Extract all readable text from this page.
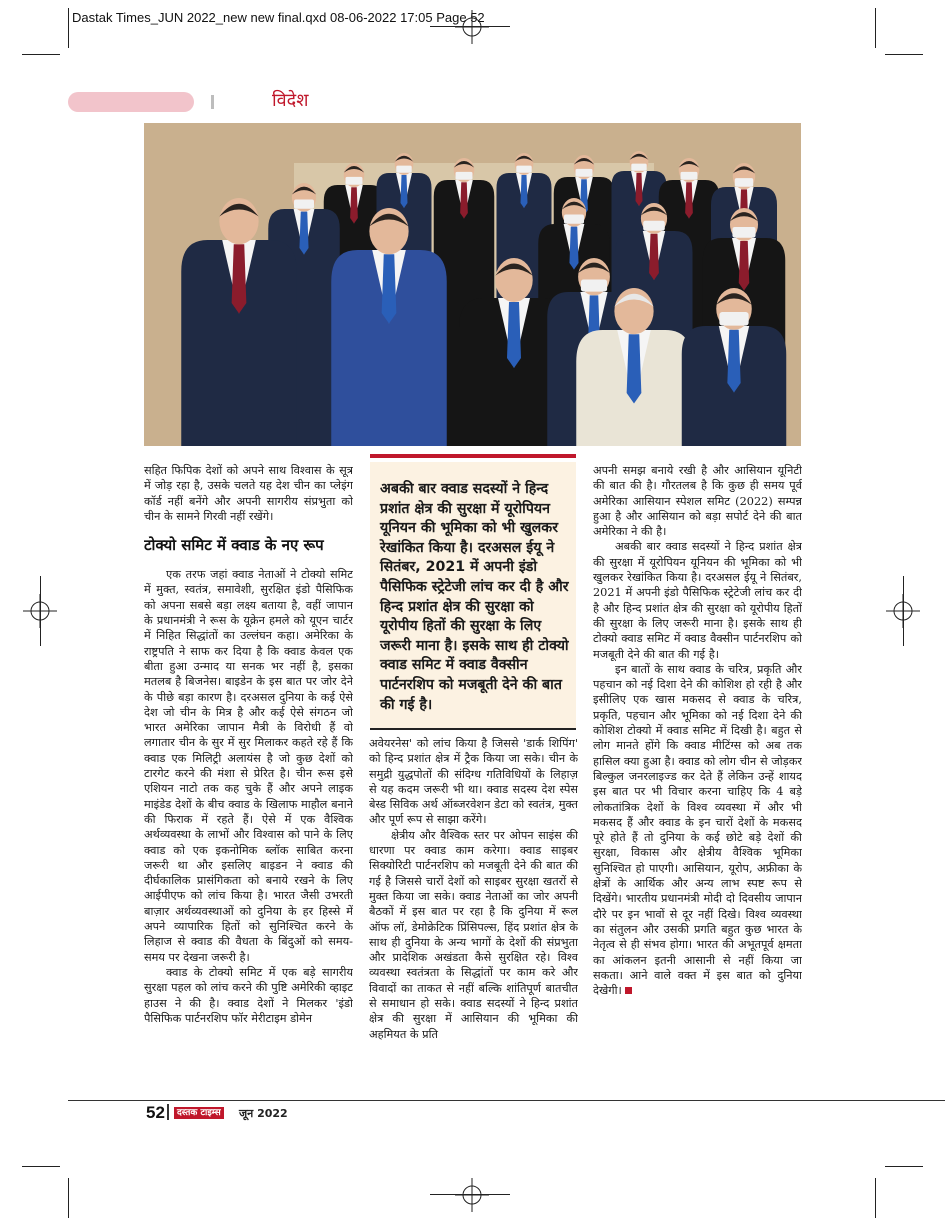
Dastak Times_JUN 2022_new new final.qxd 08-06-2022 17:05 Page 52
विदेश

सहित फिपिक देशों को अपने साथ विश्वास के सूत्र में जोड़ रहा है, उसके चलते यह देश चीन का प्लेइंग कॉर्ड नहीं बनेंगे और अपनी सागरीय संप्रभुता को चीन के सामने गिरवी नहीं रखेंगे।

टोक्यो समिट में क्वाड के नए रूप

एक तरफ जहां क्वाड नेताओं ने टोक्यो समिट में मुक्त, स्वतंत्र, समावेशी, सुरक्षित इंडो पैसिफिक को अपना सबसे बड़ा लक्ष्य बताया है, वहीं जापान के प्रधानमंत्री ने रूस के यूक्रेन हमले को यूएन चार्टर में निहित सिद्धांतों का उल्लंघन कहा। अमेरिका के राष्ट्रपति ने साफ कर दिया है कि क्वाड केवल एक बीता हुआ उन्माद या सनक भर नहीं है, इसका मतलब है बिजनेस। बाइडेन के इस बात पर जोर देने के पीछे बड़ा कारण है। दरअसल दुनिया के कई ऐसे देश जो चीन के मित्र है और कई ऐसे संगठन जो भारत अमेरिका जापान मैत्री के विरोधी हैं वो लगातार चीन के सुर में सुर मिलाकर कहते रहे हैं कि क्वाड एक मिलिट्री अलायंस है जो कुछ देशों को टारगेट करने की मंशा से प्रेरित है। चीन रूस इसे एशियन नाटो तक कह चुके हैं और अपने लाइक माइंडेड देशों के बीच क्वाड के खिलाफ माहौल बनाने की फिराक में रहते हैं। ऐसे में एक वैश्विक अर्थव्यवस्था के लाभों और विश्वास को पाने के लिए क्वाड को एक इकनोमिक ब्लॉक साबित करना जरूरी था और इसलिए बाइडन ने क्वाड की दीर्घकालिक प्रासंगिकता को बनाये रखने के लिए आईपीएफ को लांच किया है। भारत जैसी उभरती बाज़ार अर्थव्यवस्थाओं को दुनिया के हर हिस्से में अपने व्यापारिक हितों को सुनिश्चित करने के लिहाज से क्वाड की वैधता के बिंदुओं को समय-समय पर देखना जरूरी है।

क्वाड के टोक्यो समिट में एक बड़े सागरीय सुरक्षा पहल को लांच करने की पुष्टि अमेरिकी व्हाइट हाउस ने की है। क्वाड देशों ने मिलकर 'इंडो पैसिफिक पार्टनरशिप फॉर मेरीटाइम डोमेन

अबकी बार क्वाड सदस्यों ने हिन्द प्रशांत क्षेत्र की सुरक्षा में यूरोपियन यूनियन की भूमिका को भी खुलकर रेखांकित किया है। दरअसल ईयू ने सितंबर, 2021 में अपनी इंडो पैसिफिक स्ट्रेटेजी लांच कर दी है और हिन्द प्रशांत क्षेत्र की सुरक्षा को यूरोपीय हितों की सुरक्षा के लिए जरूरी माना है। इसके साथ ही टोक्यो क्वाड समिट में क्वाड वैक्सीन पार्टनरशिप को मजबूती देने की बात की गई है।

अवेयरनेस' को लांच किया है जिससे 'डार्क शिपिंग' को हिन्द प्रशांत क्षेत्र में ट्रैक किया जा सके। चीन के समुद्री युद्धपोतों की संदिग्ध गतिविधियों के लिहाज़ से यह कदम जरूरी भी था। क्वाड सदस्य देश स्पेस बेस्ड सिविक अर्थ ऑब्जरवेशन डेटा को स्वतंत्र, मुक्त और पूर्ण रूप से साझा करेंगे।

क्षेत्रीय और वैश्विक स्तर पर ओपन साइंस की धारणा पर क्वाड काम करेगा। क्वाड साइबर सिक्योरिटी पार्टनरशिप को मजबूती देने की बात की गई है जिससे चारों देशों को साइबर सुरक्षा खतरों से मुक्त किया जा सके। क्वाड नेताओं का जोर अपनी बैठकों में इस बात पर रहा है कि दुनिया में रूल ऑफ लॉ, डेमोक्रेटिक प्रिंसिपल्स, हिंद प्रशांत क्षेत्र के साथ ही दुनिया के अन्य भागों के देशों की संप्रभुता और प्रादेशिक अखंडता कैसे सुरक्षित रहे। विश्व व्यवस्था स्वतंत्रता के सिद्धांतों पर काम करे और विवादों का ताकत से नहीं बल्कि शांतिपूर्ण बातचीत से समाधान हो सके। क्वाड सदस्यों ने हिन्द प्रशांत क्षेत्र की सुरक्षा में आसियान की भूमिका की अहमियत के प्रति

अपनी समझ बनाये रखी है और आसियान यूनिटी की बात की है। गौरतलब है कि कुछ ही समय पूर्व अमेरिका आसियान स्पेशल समिट (2022) सम्पन्न हुआ है और आसियान को बड़ा सपोर्ट देने की बात अमेरिका ने की है।

अबकी बार क्वाड सदस्यों ने हिन्द प्रशांत क्षेत्र की सुरक्षा में यूरोपियन यूनियन की भूमिका को भी खुलकर रेखांकित किया है। दरअसल ईयू ने सितंबर, 2021 में अपनी इंडो पैसिफिक स्ट्रेटेजी लांच कर दी है और हिन्द प्रशांत क्षेत्र की सुरक्षा को यूरोपीय हितों की सुरक्षा के लिए जरूरी माना है। इसके साथ ही टोक्यो क्वाड समिट में क्वाड वैक्सीन पार्टनरशिप को मजबूती देने की बात की गई है।

इन बातों के साथ क्वाड के चरित्र, प्रकृति और पहचान को नई दिशा देने की कोशिश हो रही है और इसीलिए एक खास मकसद से क्वाड के चरित्र, प्रकृति, पहचान और भूमिका को नई दिशा देने की कोशिश टोक्यो में क्वाड समिट में दिखी है। बहुत से लोग मानते होंगे कि क्वाड मीटिंग्स को अब तक हासिल क्या हुआ है। क्वाड को लोग चीन से जोड़कर बिल्कुल जनरलाइज्ड कर देते हैं लेकिन उन्हें शायद इस बात पर भी विचार करना चाहिए कि 4 बड़े लोकतांत्रिक देशों के विश्व व्यवस्था में और भी मकसद हैं और क्वाड के इन चारों देशों के मकसद पूरे होते हैं तो दुनिया के कई छोटे बड़े देशों की सुरक्षा, विकास और क्षेत्रीय वैश्विक भूमिका सुनिश्चित हो पाएगी। आसियान, यूरोप, अफ्रीका के क्षेत्रों के आर्थिक और अन्य लाभ स्पष्ट रूप से दिखेंगे। भारतीय प्रधानमंत्री मोदी दो दिवसीय जापान दौरे पर इन भावों से दूर नहीं दिखे। विश्व व्यवस्था का संतुलन और उसकी प्रगति बहुत कुछ भारत के नेतृत्व से ही संभव होगा। भारत की अभूतपूर्व क्षमता का आंकलन इतनी आसानी से नहीं किया जा सकता। आने वाले वक्त में इस बात को दुनिया देखेगी।

52	दस्तक टाइम्स जून 2022
